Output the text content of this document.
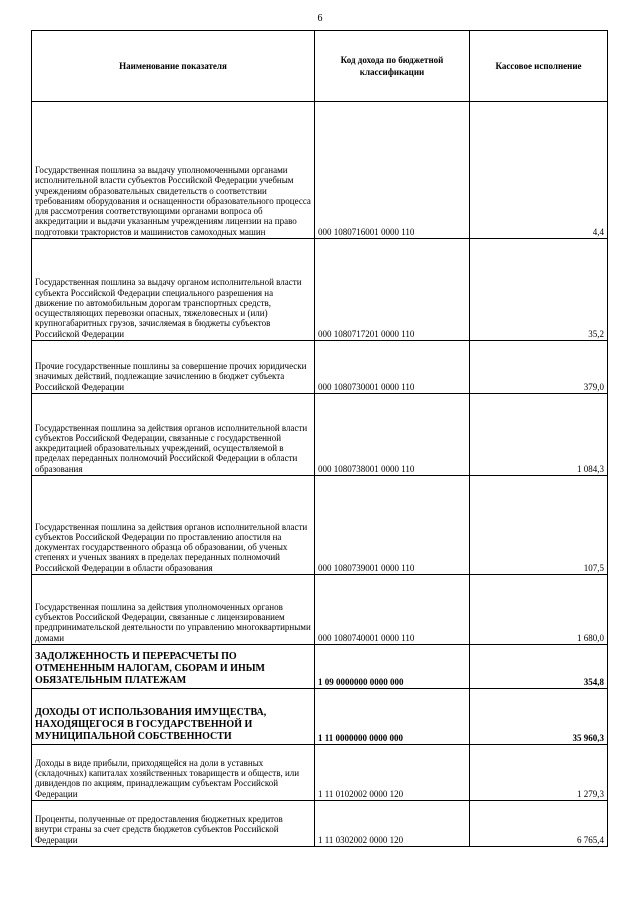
6
Наименование показателя	Код дохода по бюджетной классификации	Кассовое исполнение
Государственная пошлина за выдачу уполномоченными органами исполнительной власти субъектов Российской Федерации учебным учреждениям образовательных свидетельств о соответствии требованиям оборудования и оснащенности образовательного процесса для рассмотрения соответствующими органами вопроса об аккредитации и выдачи указанным учреждениям лицензии на право подготовки трактористов и машинистов самоходных машин	000 1080716001 0000 110	4,4
Государственная пошлина за выдачу органом исполнительной власти субъекта Российской Федерации специального разрешения на движение по автомобильным дорогам транспортных средств, осуществляющих перевозки опасных, тяжеловесных и (или) крупногабаритных грузов, зачисляемая в бюджеты субъектов Российской Федерации	000 1080717201 0000 110	35,2
Прочие государственные пошлины за совершение прочих юридически значимых действий, подлежащие зачислению в бюджет субъекта Российской Федерации	000 1080730001 0000 110	379,0
Государственная пошлина за действия органов исполнительной власти субъектов Российской Федерации, связанные с государственной аккредитацией образовательных учреждений, осуществляемой в пределах переданных полномочий Российской Федерации в области образования	000 1080738001 0000 110	1 084,3
Государственная пошлина за действия органов исполнительной власти субъектов Российской Федерации по проставлению апостиля на документах государственного образца об образовании, об ученых степенях и ученых званиях в пределах переданных полномочий Российской Федерации в области образования	000 1080739001 0000 110	107,5
Государственная пошлина за действия уполномоченных органов субъектов Российской Федерации, связанные с лицензированием предпринимательской деятельности по управлению многоквартирными домами	000 1080740001 0000 110	1 680,0
ЗАДОЛЖЕННОСТЬ И ПЕРЕРАСЧЕТЫ ПО ОТМЕНЕННЫМ НАЛОГАМ, СБОРАМ И ИНЫМ ОБЯЗАТЕЛЬНЫМ ПЛАТЕЖАМ	1 09 0000000 0000 000	354,8
ДОХОДЫ ОТ ИСПОЛЬЗОВАНИЯ ИМУЩЕСТВА, НАХОДЯЩЕГОСЯ В ГОСУДАРСТВЕННОЙ И МУНИЦИПАЛЬНОЙ СОБСТВЕННОСТИ	1 11 0000000 0000 000	35 960,3
Доходы в виде прибыли, приходящейся на доли в уставных (складочных) капиталах хозяйственных товариществ и обществ, или дивидендов по акциям, принадлежащим субъектам Российской Федерации	1 11 0102002 0000 120	1 279,3
Проценты, полученные от предоставления бюджетных кредитов внутри страны за счет средств бюджетов субъектов Российской Федерации	1 11 0302002 0000 120	6 765,4
